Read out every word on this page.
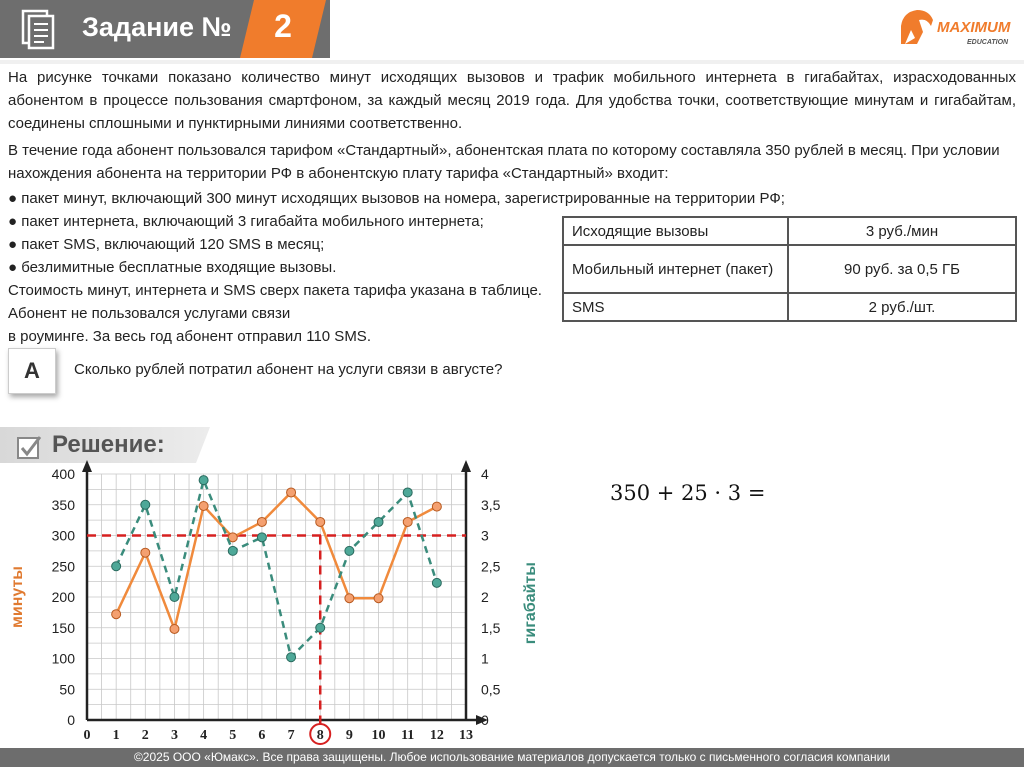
Задание №	2	MAXIMUM
EDUCATION
На рисунке точками показано количество минут исходящих вызовов и трафик мобильного интернета в гигабайтах, израсходованных абонентом в процессе пользования смартфоном, за каждый месяц 2019 года. Для удобства точки, соответствующие минутам и гигабайтам, соединены сплошными и пунктирными линиями соответственно.
В течение года абонент пользовался тарифом «Стандартный», абонентская плата по которому составляла 350 рублей в месяц. При условии нахождения абонента на территории РФ в абонентскую плату тарифа «Стандартный» входит:
● пакет минут, включающий 300 минут исходящих вызовов на номера, зарегистрированные на территории РФ;
● пакет интернета, включающий 3 гигабайта мобильного интернета;
● пакет SMS, включающий 120 SMS в месяц;
● безлимитные бесплатные входящие вызовы.
Стоимость минут, интернета и SMS сверх пакета тарифа указана в таблице.
Абонент не пользовался услугами связи
в роуминге. За весь год абонент отправил 110 SMS.
Исходящие вызовы	3 руб./мин
Мобильный интернет (пакет)	90 руб. за 0,5 ГБ
SMS	2 руб./шт.
А	Сколько рублей потратил абонент на услуги связи в августе?
Решение:
350 + 25 · 3 =
0
50
100
150
200
250
300
350
400
0
0,5
1
1,5
2
2,5
3
3,5
4
0 1 2 3 4 5 6 7 8 9 10 11 12 13
минуты	гигабайты
©2025 ООО «Юмакс». Все права защищены. Любое использование материалов допускается только с письменного согласия компании
